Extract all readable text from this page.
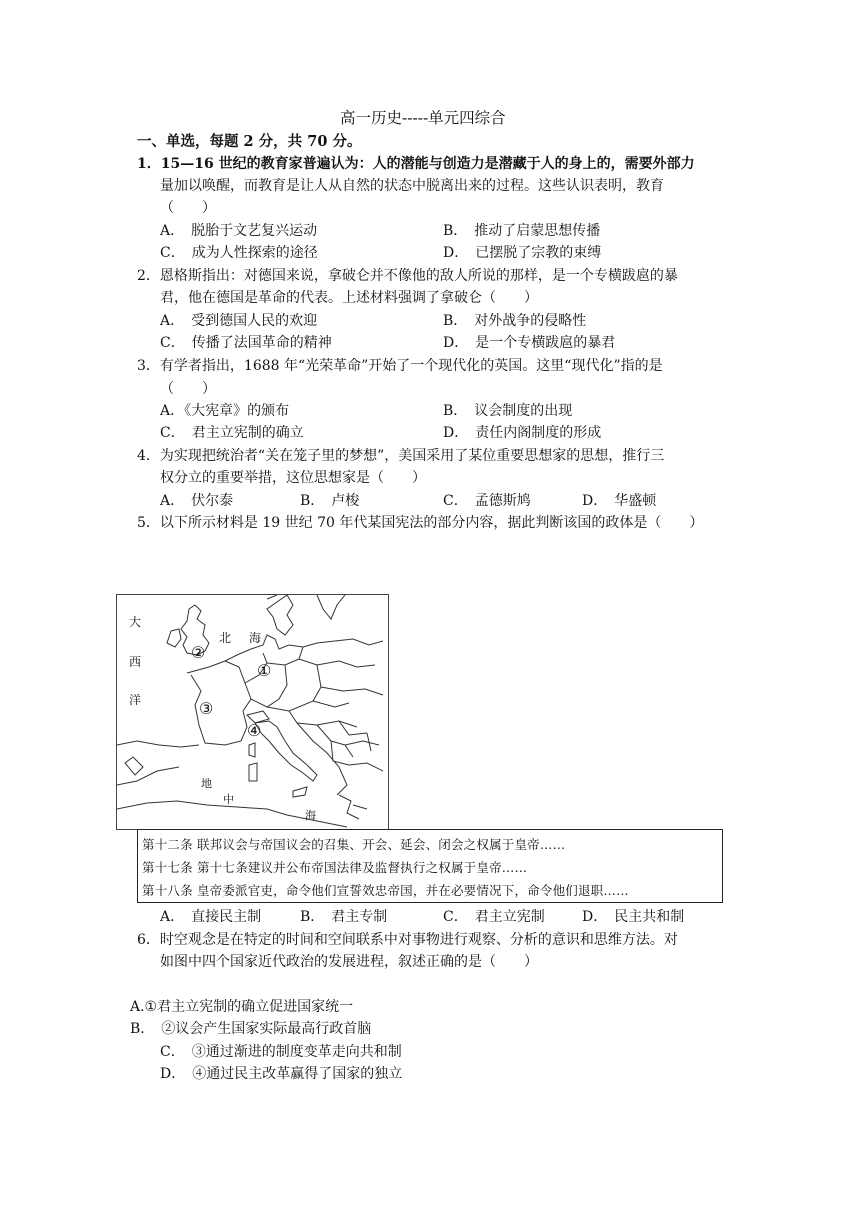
高一历史-----单元四综合
一、单选，每题 2 分，共 70 分。
1．15—16 世纪的教育家普遍认为：人的潜能与创造力是潜藏于人的身上的，需要外部力
量加以唤醒，而教育是让人从自然的状态中脱离出来的过程。这些认识表明，教育
（　　）
A．　脱胎于文艺复兴运动	B．　推动了启蒙思想传播
C．　成为人性探索的途径	D．　已摆脱了宗教的束缚
2．恩格斯指出：对德国来说，拿破仑并不像他的敌人所说的那样，是一个专横跋扈的暴
君，他在德国是革命的代表。上述材料强调了拿破仑（　　）
A．　受到德国人民的欢迎	B．　对外战争的侵略性
C．　传播了法国革命的精神	D．　是一个专横跋扈的暴君
3．有学者指出，1688 年“光荣革命”开始了一个现代化的英国。这里“现代化”指的是
（　　）
A．《大宪章》的颁布	B．　议会制度的出现
C．　君主立宪制的确立	D．　责任内阁制度的形成
4．为实现把统治者“关在笼子里的梦想”，美国采用了某位重要思想家的思想，推行三
权分立的重要举措，这位思想家是（　　）
A．　伏尔泰	B．　卢梭	C．　孟德斯鸠	D．　华盛顿
5．以下所示材料是 19 世纪 70 年代某国宪法的部分内容，据此判断该国的政体是（　　）
大
西
洋
北 海
地
中
海
①
②
③
④
第十二条 联邦议会与帝国议会的召集、开会、延会、闭会之权属于皇帝……
第十七条 第十七条建议并公布帝国法律及监督执行之权属于皇帝……
第十八条 皇帝委派官吏，命令他们宣誓效忠帝国，并在必要情况下，命令他们退职……
A．　直接民主制	B．　君主专制	C．　君主立宪制	D．　民主共和制
6．时空观念是在特定的时间和空间联系中对事物进行观察、分析的意识和思维方法。对
如图中四个国家近代政治的发展进程，叙述正确的是（　　）
A.①君主立宪制的确立促进国家统一
B．　②议会产生国家实际最高行政首脑
C．　③通过渐进的制度变革走向共和制
D．　④通过民主改革赢得了国家的独立
